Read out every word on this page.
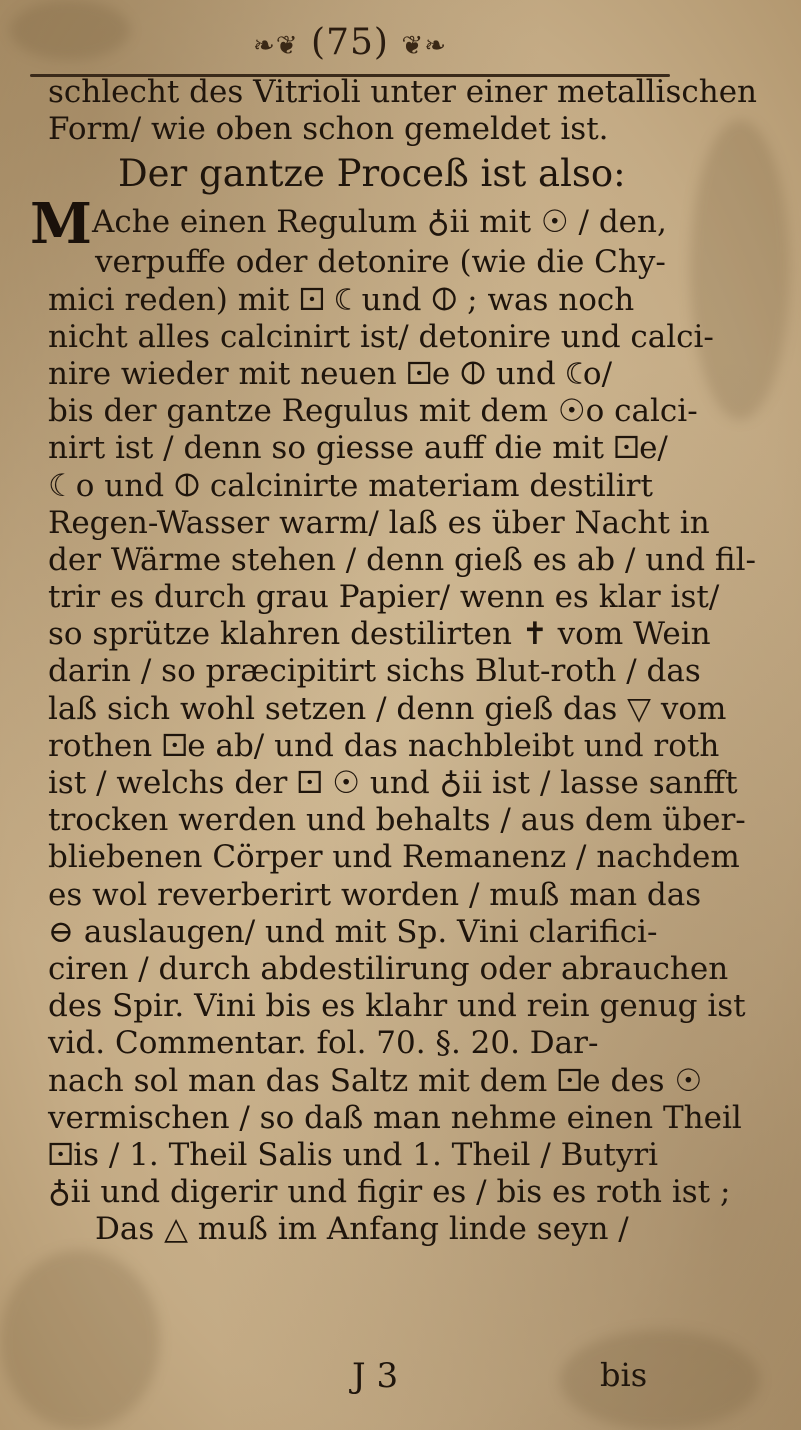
❧❦ (75) ❦❧
schlecht des Vitrioli unter einer metallischen
Form/ wie oben schon gemeldet ist.
Der gantze Proceß ist also:
MAche einen Regulum ♁ii mit ☉ / den,
verpuffe oder detonire (wie die Chy-
mici reden) mit 🝕 ☾ und 🜕 ; was noch
nicht alles calcinirt ist/ detonire und calci-
nire wieder mit neuen 🝕e 🜕 und ☾o/
bis der gantze Regulus mit dem ☉o calci-
nirt ist / denn so giesse auff die mit 🝕e/
☾o und 🜕 calcinirte materiam destilirt
Regen-Wasser warm/ laß es über Nacht in
der Wärme stehen / denn gieß es ab / und fil-
trir es durch grau Papier/ wenn es klar ist/
so sprütze klahren destilirten ✝ vom Wein
darin / so præcipitirt sichs Blut-roth / das
laß sich wohl setzen / denn gieß das ▽ vom
rothen 🝕e ab/ und das nachbleibt und roth
ist / welchs der 🝕 ☉ und ♁ii ist / lasse sanfft
trocken werden und behalts / aus dem über-
bliebenen Cörper und Remanenz / nachdem
es wol reverberirt worden / muß man das
⊖ auslaugen/ und mit Sp. Vini clarifici-
ciren / durch abdestilirung oder abrauchen
des Spir. Vini bis es klahr und rein genug ist
vid. Commentar. fol. 70. §. 20. Dar-
nach sol man das Saltz mit dem 🝕e des ☉
vermischen / so daß man nehme einen Theil
🝕is / 1. Theil Salis und 1. Theil / Butyri
♁ii und digerir und figir es / bis es roth ist ;
Das △ muß im Anfang linde seyn /
J 3	bis
